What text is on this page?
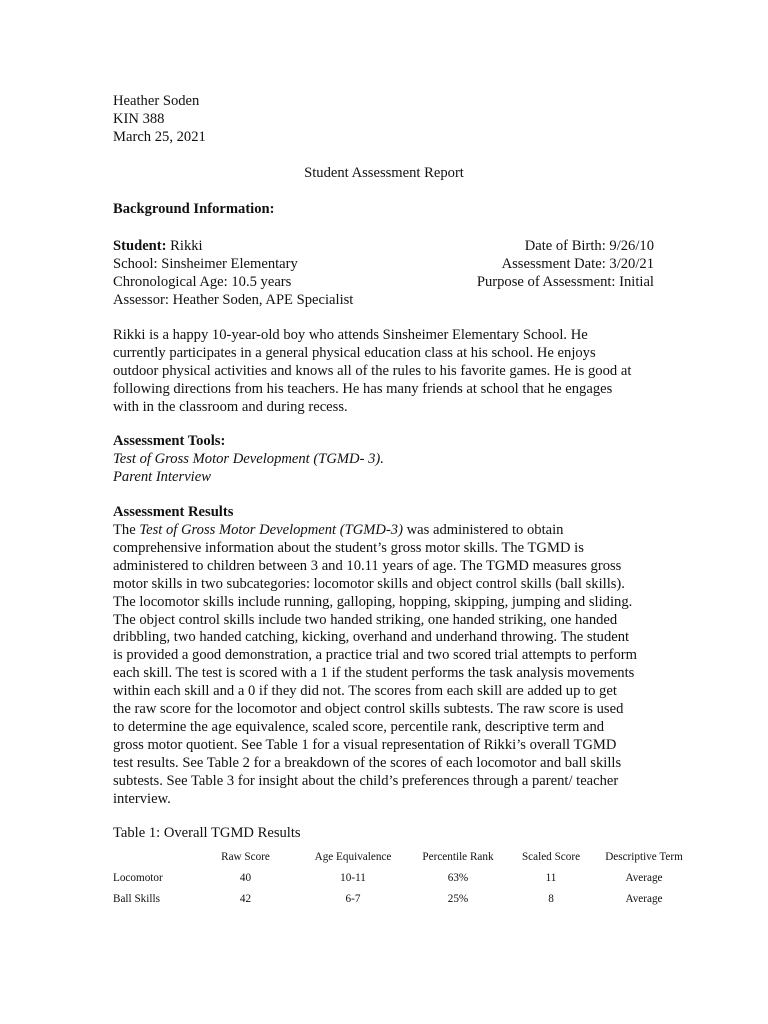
Heather Soden
KIN 388
March 25, 2021
Student Assessment Report
Background Information:
Student: Rikki	Date of Birth: 9/26/10
School: Sinsheimer Elementary	Assessment Date: 3/20/21
Chronological Age: 10.5 years	Purpose of Assessment: Initial
Assessor: Heather Soden, APE Specialist
Rikki is a happy 10-year-old boy who attends Sinsheimer Elementary School. He
currently participates in a general physical education class at his school. He enjoys
outdoor physical activities and knows all of the rules to his favorite games. He is good at
following directions from his teachers. He has many friends at school that he engages
with in the classroom and during recess.
Assessment Tools:
Test of Gross Motor Development (TGMD- 3).
Parent Interview
Assessment Results
The Test of Gross Motor Development (TGMD-3) was administered to obtain
comprehensive information about the student’s gross motor skills. The TGMD is
administered to children between 3 and 10.11 years of age. The TGMD measures gross
motor skills in two subcategories: locomotor skills and object control skills (ball skills).
The locomotor skills include running, galloping, hopping, skipping, jumping and sliding.
The object control skills include two handed striking, one handed striking, one handed
dribbling, two handed catching, kicking, overhand and underhand throwing. The student
is provided a good demonstration, a practice trial and two scored trial attempts to perform
each skill. The test is scored with a 1 if the student performs the task analysis movements
within each skill and a 0 if they did not. The scores from each skill are added up to get
the raw score for the locomotor and object control skills subtests. The raw score is used
to determine the age equivalence, scaled score, percentile rank, descriptive term and
gross motor quotient. See Table 1 for a visual representation of Rikki’s overall TGMD
test results. See Table 2 for a breakdown of the scores of each locomotor and ball skills
subtests. See Table 3 for insight about the child’s preferences through a parent/ teacher
interview.
Table 1: Overall TGMD Results
	Raw Score	Age Equivalence	Percentile Rank	Scaled Score	Descriptive Term
Locomotor	40	10-11	63%	11	Average
Ball Skills	42	6-7	25%	8	Average
